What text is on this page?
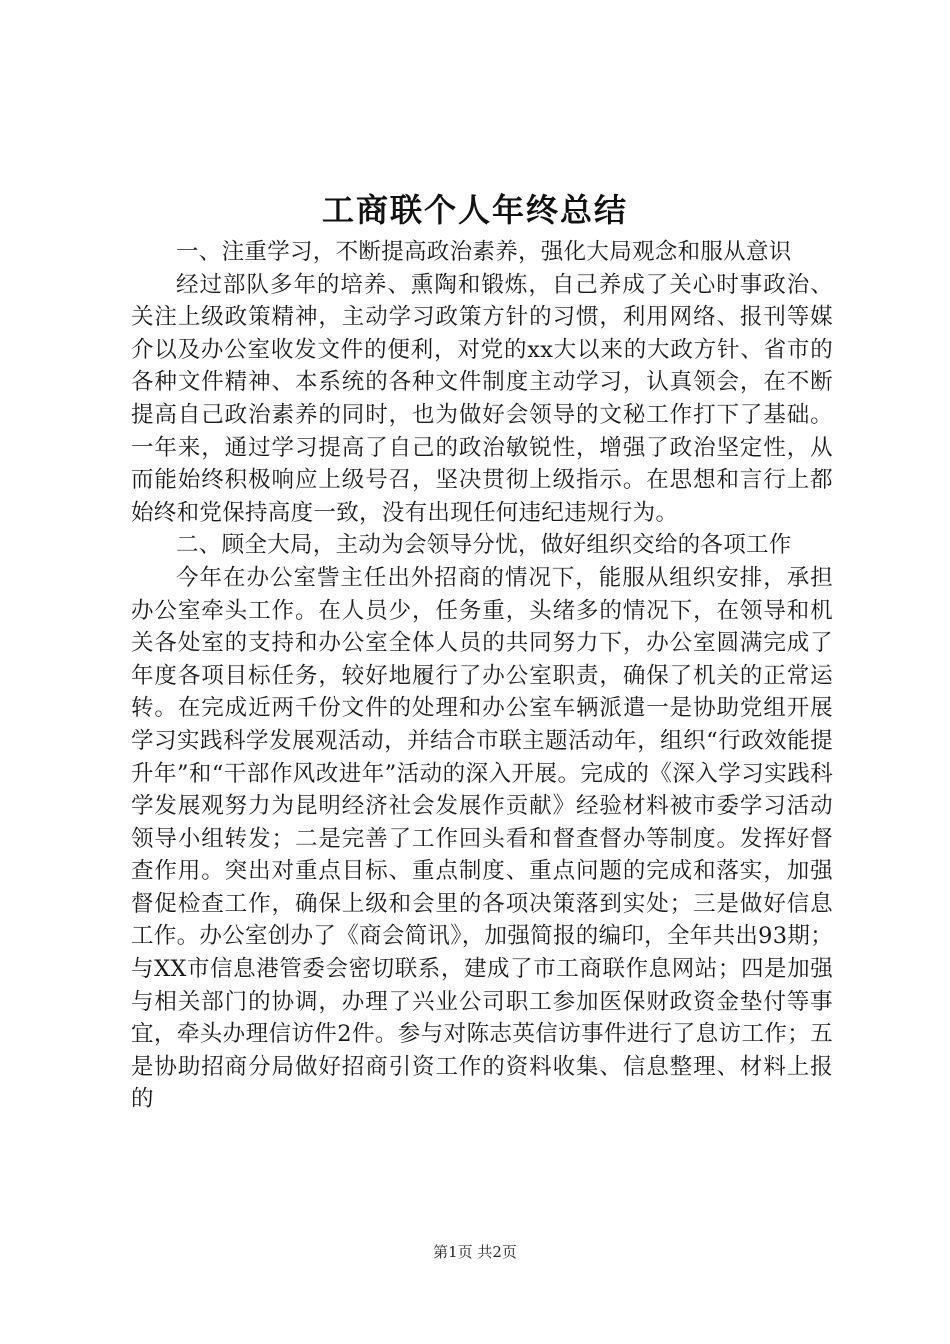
工商联个人年终总结

一、注重学习，不断提高政治素养，强化大局观念和服从意识

经过部队多年的培养、熏陶和锻炼，自己养成了关心时事政治、关注上级政策精神，主动学习政策方针的习惯，利用网络、报刊等媒介以及办公室收发文件的便利，对党的xx大以来的大政方针、省市的各种文件精神、本系统的各种文件制度主动学习，认真领会，在不断提高自己政治素养的同时，也为做好会领导的文秘工作打下了基础。一年来，通过学习提高了自己的政治敏锐性，增强了政治坚定性，从而能始终积极响应上级号召，坚决贯彻上级指示。在思想和言行上都始终和党保持高度一致，没有出现任何违纪违规行为。

二、顾全大局，主动为会领导分忧，做好组织交给的各项工作

今年在办公室訾主任出外招商的情况下，能服从组织安排，承担办公室牵头工作。在人员少，任务重，头绪多的情况下，在领导和机关各处室的支持和办公室全体人员的共同努力下，办公室圆满完成了年度各项目标任务，较好地履行了办公室职责，确保了机关的正常运转。在完成近两千份文件的处理和办公室车辆派遣一是协助党组开展学习实践科学发展观活动，并结合市联主题活动年，组织“行政效能提升年”和“干部作风改进年”活动的深入开展。完成的《深入学习实践科学发展观努力为昆明经济社会发展作贡献》经验材料被市委学习活动领导小组转发；二是完善了工作回头看和督查督办等制度。发挥好督查作用。突出对重点目标、重点制度、重点问题的完成和落实，加强督促检查工作，确保上级和会里的各项决策落到实处；三是做好信息工作。办公室创办了《商会简讯》，加强简报的编印，全年共出93期；与XX市信息港管委会密切联系，建成了市工商联作息网站；四是加强与相关部门的协调，办理了兴业公司职工参加医保财政资金垫付等事宜，牵头办理信访件2件。参与对陈志英信访事件进行了息访工作；五是协助招商分局做好招商引资工作的资料收集、信息整理、材料上报的

第1页 共2页
